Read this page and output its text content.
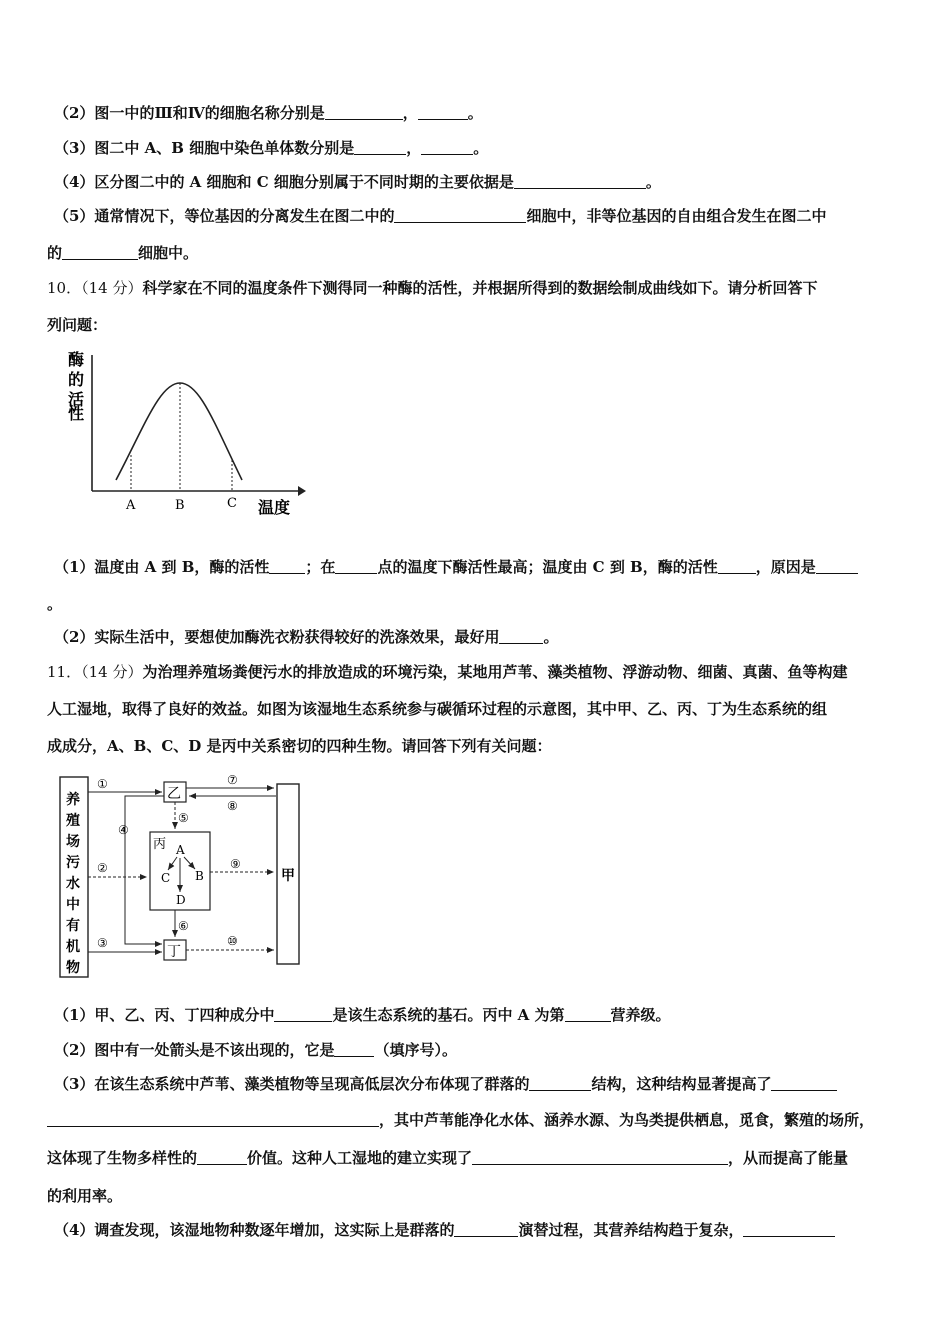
（2）图一中的Ⅲ和Ⅳ的细胞名称分别是	，	。
（3）图二中 A、B 细胞中染色单体数分别是	，	。
（4）区分图二中的 A 细胞和 C 细胞分别属于不同时期的主要依据是	。
（5）通常情况下，等位基因的分离发生在图二中的	细胞中，非等位基因的自由组合发生在图二中
的	细胞中。
10．（14 分）科学家在不同的温度条件下测得同一种酶的活性，并根据所得到的数据绘制成曲线如下。请分析回答下
列问题：
酶
的
活
性
A	B	C 温度
（1）温度由 A 到 B，酶的活性 ；在	点的温度下酶活性最高；温度由 C 到 B，酶的活性	，原因是
。
（2）实际生活中，要想使加酶洗衣粉获得较好的洗涤效果，最好用	。
11．（14 分）为治理养殖场粪便污水的排放造成的环境污染，某地用芦苇、藻类植物、浮游动物、细菌、真菌、鱼等构建
人工湿地，取得了良好的效益。如图为该湿地生态系统参与碳循环过程的示意图，其中甲、乙、丙、丁为生态系统的组
成成分，A、B、C、D 是丙中关系密切的四种生物。请回答下列有关问题：
养
殖
场
污
水
中
有
机
物
甲
乙
丙 A
C B
D
丁
①
②
③
④
⑤
⑥
⑦
⑧
⑨
⑩
（1）甲、乙、丙、丁四种成分中	是该生态系统的基石。丙中 A 为第	营养级。
（2）图中有一处箭头是不该出现的，它是	（填序号）。
（3）在该生态系统中芦苇、藻类植物等呈现高低层次分布体现了群落的	结构，这种结构显著提高了
，其中芦苇能净化水体、涵养水源、为鸟类提供栖息，觅食，繁殖的场所，
这体现了生物多样性的	价值。这种人工湿地的建立实现了	，从而提高了能量
的利用率。
（4）调查发现，该湿地物种数逐年增加，这实际上是群落的	演替过程，其营养结构趋于复杂，
